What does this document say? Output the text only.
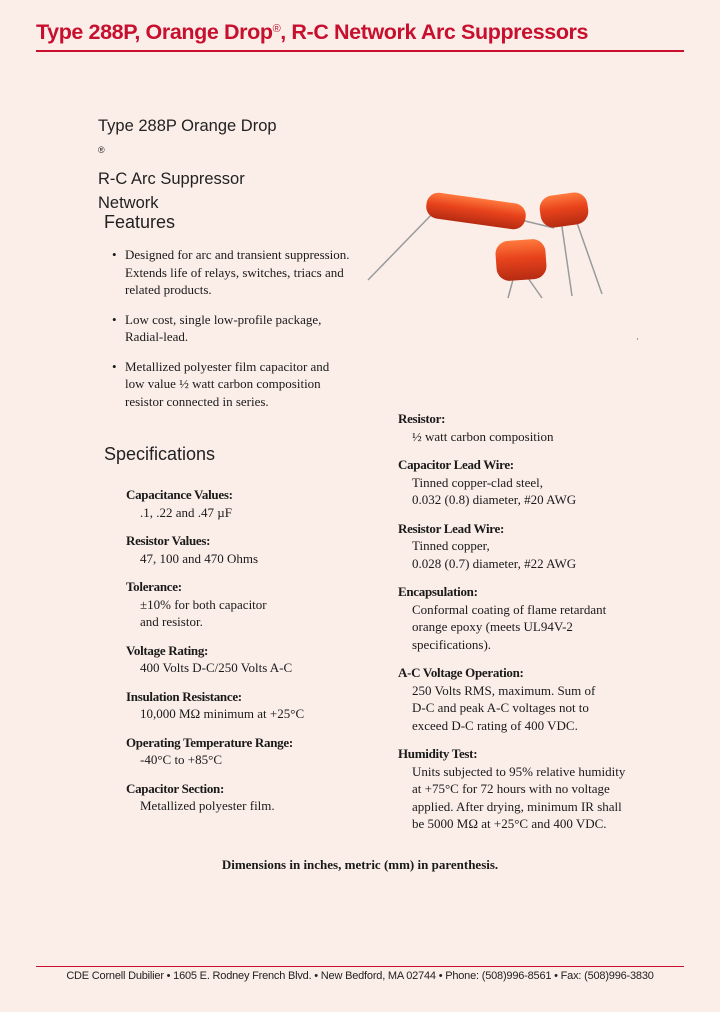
Type 288P, Orange Drop®, R-C Network Arc Suppressors
Type 288P Orange Drop
®
R-C Arc Suppressor
Network
·
Features
• Designed for arc and transient suppression. Extends life of relays, switches, triacs and related products.
• Low cost, single low-profile package, Radial-lead.
• Metallized polyester film capacitor and low value ½ watt carbon composition resistor connected in series.
Specifications
Capacitance Values:
.1, .22 and .47 µF
Resistor Values:
47, 100 and 470 Ohms
Tolerance:
±10% for both capacitor
and resistor.
Voltage Rating:
400 Volts D-C/250 Volts A-C
Insulation Resistance:
10,000 MΩ minimum at +25°C
Operating Temperature Range:
-40°C to +85°C
Capacitor Section:
Metallized polyester film.
Resistor:
½ watt carbon composition
Capacitor Lead Wire:
Tinned copper-clad steel,
0.032 (0.8) diameter, #20 AWG
Resistor Lead Wire:
Tinned copper,
0.028 (0.7) diameter, #22 AWG
Encapsulation:
Conformal coating of flame retardant
orange epoxy (meets UL94V-2
specifications).
A-C Voltage Operation:
250 Volts RMS, maximum. Sum of
D-C and peak A-C voltages not to
exceed D-C rating of 400 VDC.
Humidity Test:
Units subjected to 95% relative humidity
at +75°C for 72 hours with no voltage
applied. After drying, minimum IR shall
be 5000 MΩ at +25°C and 400 VDC.
Dimensions in inches, metric (mm) in parenthesis.
CDE Cornell Dubilier • 1605 E. Rodney French Blvd. • New Bedford, MA 02744 • Phone: (508)996-8561 • Fax: (508)996-3830
